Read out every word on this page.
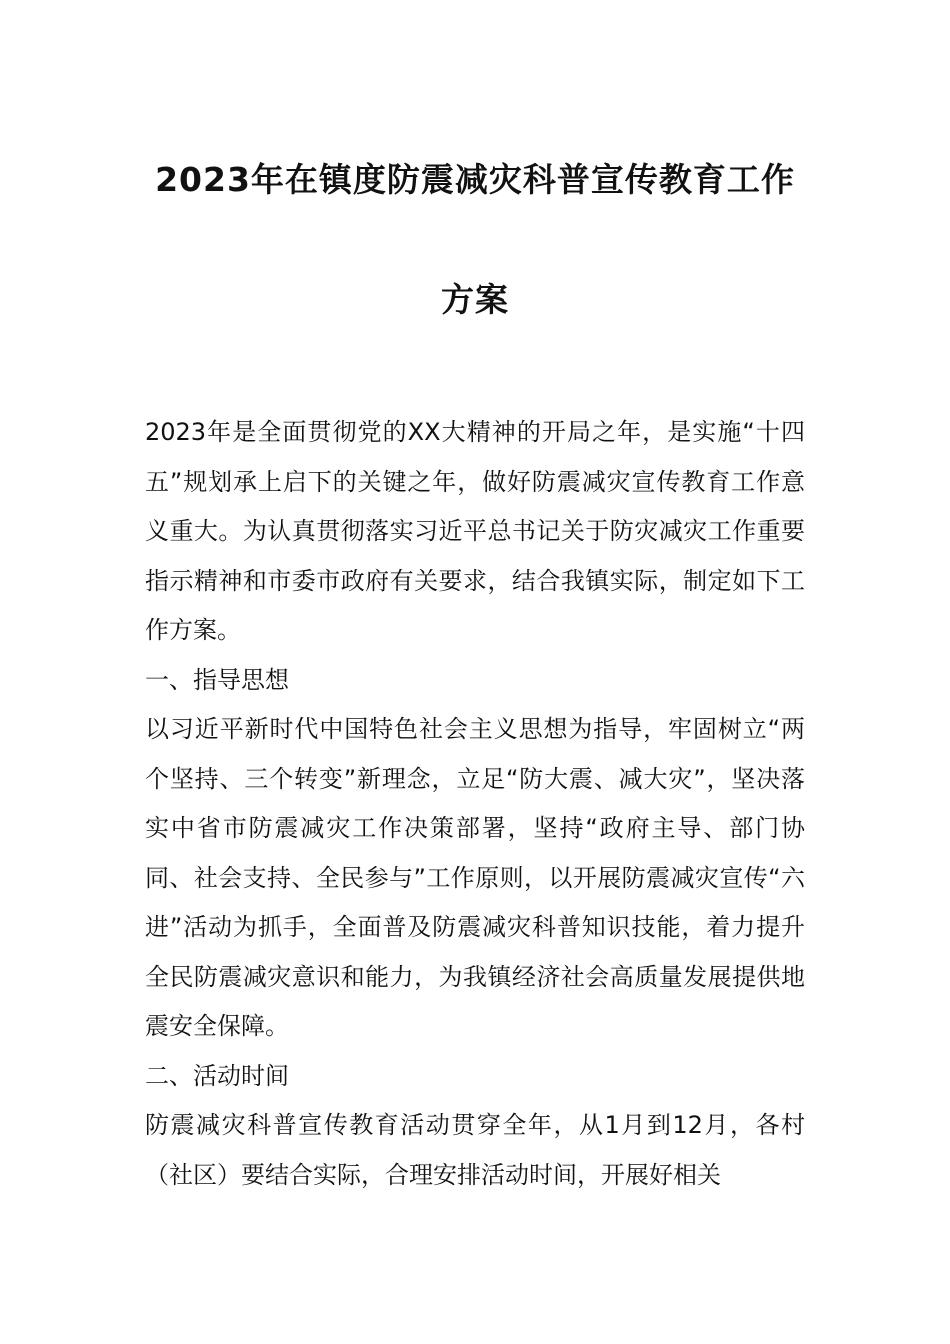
2023年在镇度防震减灾科普宣传教育工作
方案

2023年是全面贯彻党的XX大精神的开局之年，是实施“十四五”规划承上启下的关键之年，做好防震减灾宣传教育工作意义重大。为认真贯彻落实习近平总书记关于防灾减灾工作重要指示精神和市委市政府有关要求，结合我镇实际，制定如下工作方案。

一、指导思想

以习近平新时代中国特色社会主义思想为指导，牢固树立“两个坚持、三个转变”新理念，立足“防大震、减大灾”，坚决落实中省市防震减灾工作决策部署，坚持“政府主导、部门协同、社会支持、全民参与”工作原则，以开展防震减灾宣传“六进”活动为抓手，全面普及防震减灾科普知识技能，着力提升全民防震减灾意识和能力，为我镇经济社会高质量发展提供地震安全保障。

二、活动时间

防震减灾科普宣传教育活动贯穿全年，从1月到12月，各村（社区）要结合实际，合理安排活动时间，开展好相关
